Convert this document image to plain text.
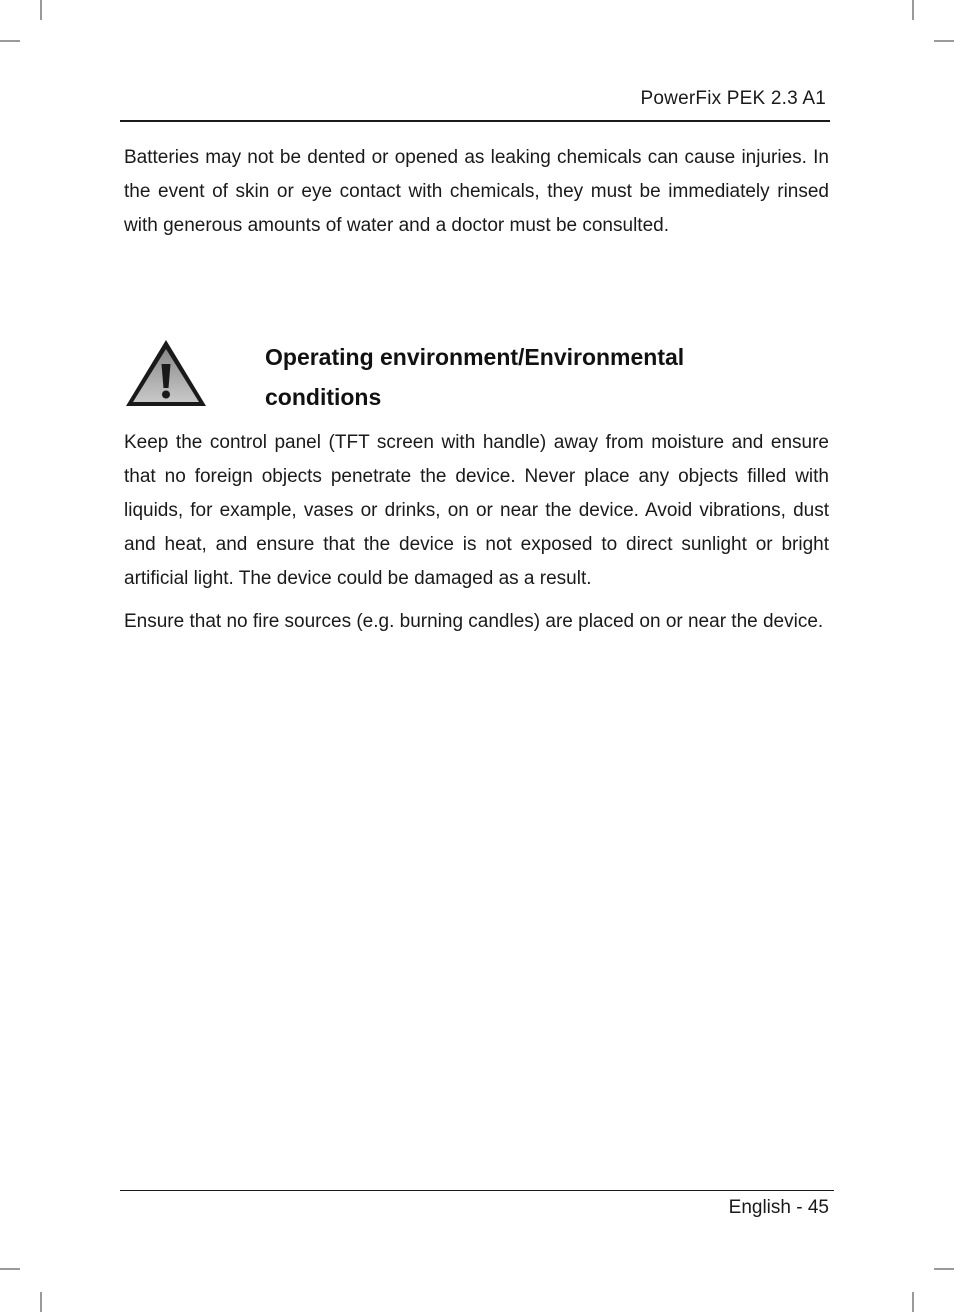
PowerFix PEK 2.3 A1

Batteries may not be dented or opened as leaking chemicals can cause injuries. In the event of skin or eye contact with chemicals, they must be immediately rinsed with generous amounts of water and a doctor must be consulted.

Operating environment/Environmental conditions

Keep the control panel (TFT screen with handle) away from moisture and ensure that no foreign objects penetrate the device. Never place any objects filled with liquids, for example, vases or drinks, on or near the device. Avoid vibrations, dust and heat, and ensure that the device is not exposed to direct sunlight or bright artificial light. The device could be damaged as a result.

Ensure that no fire sources (e.g. burning candles) are placed on or near the device.

English - 45
